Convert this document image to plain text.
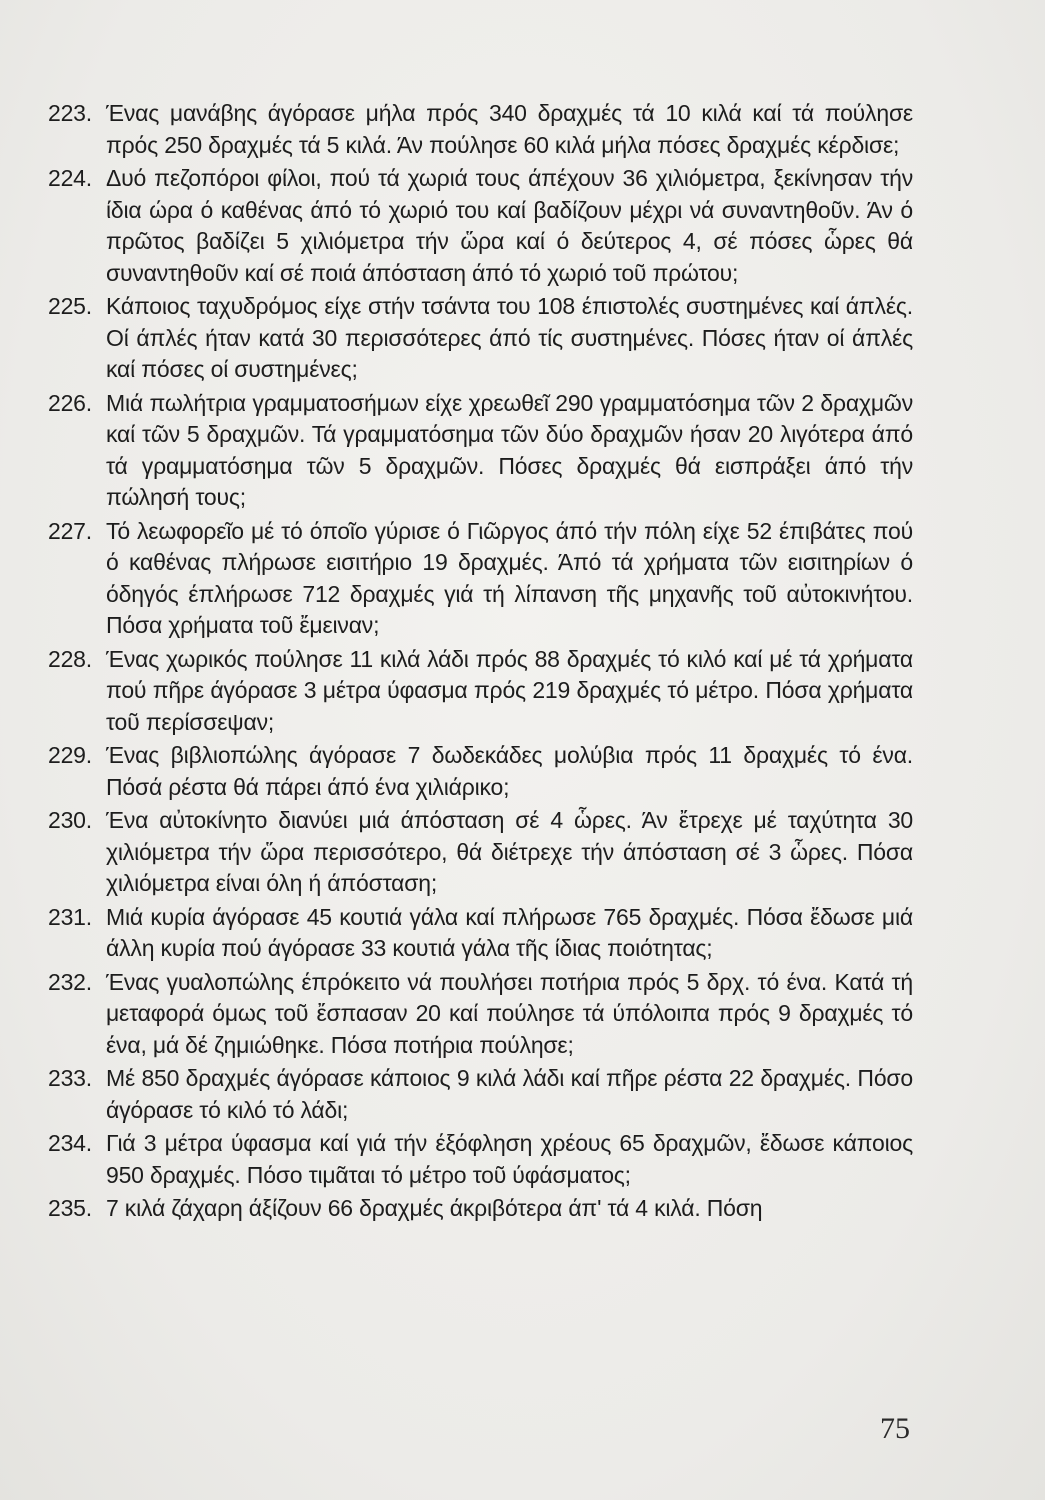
223. Ένας μανάβης άγόρασε μήλα πρός 340 δραχμές τά 10 κιλά καί τά πούλησε πρός 250 δραχμές τά 5 κιλά. Άν πούλησε 60 κιλά μήλα πόσες δραχμές κέρδισε;
224. Δυό πεζοπόροι φίλοι, πού τά χωριά τους άπέχουν 36 χιλιόμετρα, ξεκίνησαν τήν ίδια ώρα ό καθένας άπό τό χωριό του καί βαδίζουν μέχρι νά συναντηθοῦν. Άν ό πρῶτος βαδίζει 5 χιλιόμετρα τήν ὥρα καί ό δεύτερος 4, σέ πόσες ὧρες θά συναντηθοῦν καί σέ ποιά άπόσταση άπό τό χωριό τοῦ πρώτου;
225. Κάποιος ταχυδρόμος είχε στήν τσάντα του 108 έπιστολές συστημένες καί άπλές. Οί άπλές ήταν κατά 30 περισσότερες άπό τίς συστημένες. Πόσες ήταν οί άπλές καί πόσες οί συστημένες;
226. Μιά πωλήτρια γραμματοσήμων είχε χρεωθεῖ 290 γραμματόσημα τῶν 2 δραχμῶν καί τῶν 5 δραχμῶν. Τά γραμματόσημα τῶν δύο δραχμῶν ήσαν 20 λιγότερα άπό τά γραμματόσημα τῶν 5 δραχμῶν. Πόσες δραχμές θά εισπράξει άπό τήν πώλησή τους;
227. Τό λεωφορεῖο μέ τό όποῖο γύρισε ό Γιῶργος άπό τήν πόλη είχε 52 έπιβάτες πού ό καθένας πλήρωσε εισιτήριο 19 δραχμές. Άπό τά χρήματα τῶν εισιτηρίων ό όδηγός έπλήρωσε 712 δραχμές γιά τή λίπανση τῆς μηχανῆς τοῦ αὐτοκινήτου. Πόσα χρήματα τοῦ ἔμειναν;
228. Ένας χωρικός πούλησε 11 κιλά λάδι πρός 88 δραχμές τό κιλό καί μέ τά χρήματα πού πῆρε άγόρασε 3 μέτρα ύφασμα πρός 219 δραχμές τό μέτρο. Πόσα χρήματα τοῦ περίσσεψαν;
229. Ένας βιβλιοπώλης άγόρασε 7 δωδεκάδες μολύβια πρός 11 δραχμές τό ένα. Πόσά ρέστα θά πάρει άπό ένα χιλιάρικο;
230. Ένα αὐτοκίνητο διανύει μιά άπόσταση σέ 4 ὧρες. Άν ἔτρεχε μέ ταχύτητα 30 χιλιόμετρα τήν ὥρα περισσότερο, θά διέτρεχε τήν άπόσταση σέ 3 ὧρες. Πόσα χιλιόμετρα είναι όλη ή άπόσταση;
231. Μιά κυρία άγόρασε 45 κουτιά γάλα καί πλήρωσε 765 δραχμές. Πόσα ἔδωσε μιά άλλη κυρία πού άγόρασε 33 κουτιά γάλα τῆς ίδιας ποιότητας;
232. Ένας γυαλοπώλης έπρόκειτο νά πουλήσει ποτήρια πρός 5 δρχ. τό ένα. Κατά τή μεταφορά όμως τοῦ ἔσπασαν 20 καί πούλησε τά ύπόλοιπα πρός 9 δραχμές τό ένα, μά δέ ζημιώθηκε. Πόσα ποτήρια πούλησε;
233. Μέ 850 δραχμές άγόρασε κάποιος 9 κιλά λάδι καί πῆρε ρέστα 22 δραχμές. Πόσο άγόρασε τό κιλό τό λάδι;
234. Γιά 3 μέτρα ύφασμα καί γιά τήν έξόφληση χρέους 65 δραχμῶν, ἔδωσε κάποιος 950 δραχμές. Πόσο τιμᾶται τό μέτρο τοῦ ύφάσματος;
235. 7 κιλά ζάχαρη άξίζουν 66 δραχμές άκριβότερα άπ' τά 4 κιλά. Πόση
75
